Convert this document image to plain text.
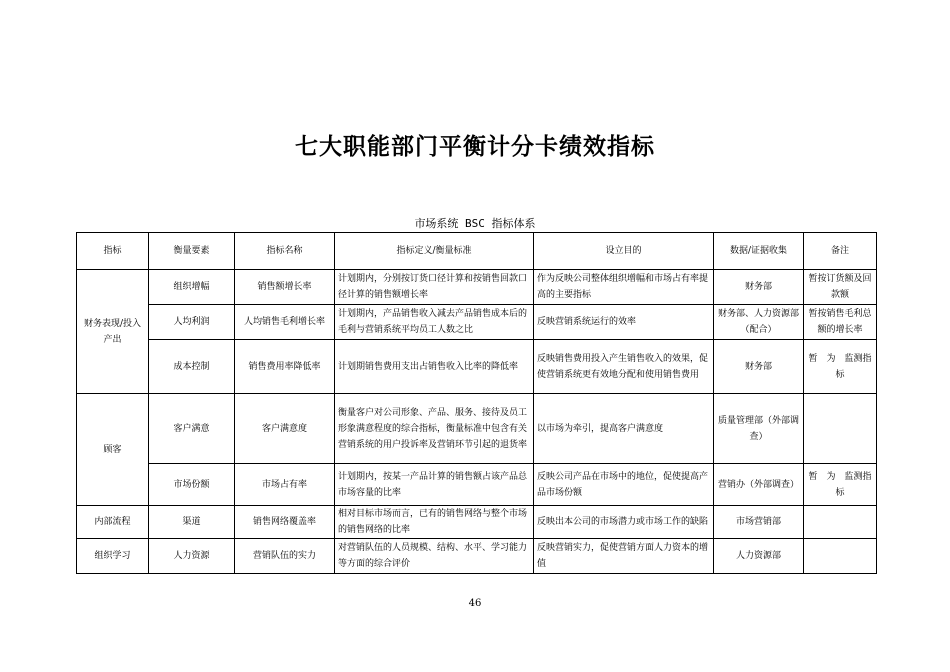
七大职能部门平衡计分卡绩效指标
市场系统 BSC 指标体系
指标	衡量要素	指标名称	指标定义/衡量标准	设立目的	数据/证据收集	备注
财务表现/投入产出	组织增幅	销售额增长率	计划期内，分别按订货口径计算和按销售回款口径计算的销售额增长率	作为反映公司整体组织增幅和市场占有率提高的主要指标	财务部	暂按订货额及回款额
	人均利润	人均销售毛利增长率	计划期内，产品销售收入减去产品销售成本后的毛利与营销系统平均员工人数之比	反映营销系统运行的效率	财务部、人力资源部（配合）	暂按销售毛利总额的增长率
	成本控制	销售费用率降低率	计划期销售费用支出占销售收入比率的降低率	反映销售费用投入产生销售收入的效果，促使营销系统更有效地分配和使用销售费用	财务部	暂　为　监测指标
顾客	客户满意	客户满意度	衡量客户对公司形象、产品、服务、接待及员工形象满意程度的综合指标，衡量标准中包含有关营销系统的用户投诉率及营销环节引起的退货率	以市场为牵引，提高客户满意度	质量管理部（外部调查）	
	市场份额	市场占有率	计划期内，按某一产品计算的销售额占该产品总市场容量的比率	反映公司产品在市场中的地位，促使提高产品市场份额	营销办（外部调查）	暂　为　监测指标
内部流程	渠道	销售网络覆盖率	相对目标市场而言，已有的销售网络与整个市场的销售网络的比率	反映出本公司的市场潜力或市场工作的缺陷	市场营销部	
组织学习	人力资源	营销队伍的实力	对营销队伍的人员规模、结构、水平、学习能力等方面的综合评价	反映营销实力，促使营销方面人力资本的增值	人力资源部	
46
